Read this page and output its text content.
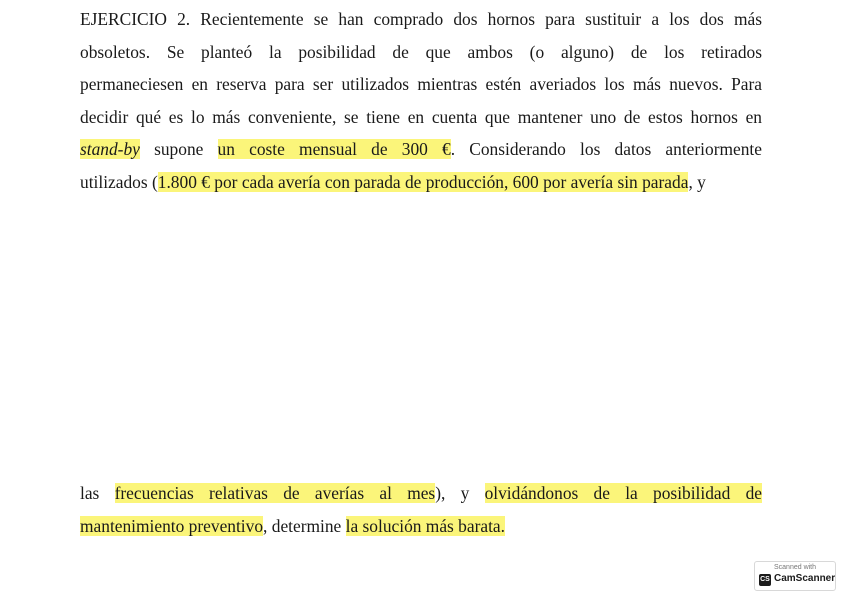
EJERCICIO 2. Recientemente se han comprado dos hornos para sustituir a los dos más
obsoletos. Se planteó la posibilidad de que ambos (o alguno) de los retirados
permaneciesen en reserva para ser utilizados mientras estén averiados los más nuevos. Para
decidir qué es lo más conveniente, se tiene en cuenta que mantener uno de estos hornos en
stand-by supone un coste mensual de 300 €. Considerando los datos anteriormente
utilizados (1.800 € por cada avería con parada de producción, 600 por avería sin parada, y
las frecuencias relativas de averías al mes), y olvidándonos de la posibilidad de
mantenimiento preventivo, determine la solución más barata.
Scanned with
CS CamScanner
